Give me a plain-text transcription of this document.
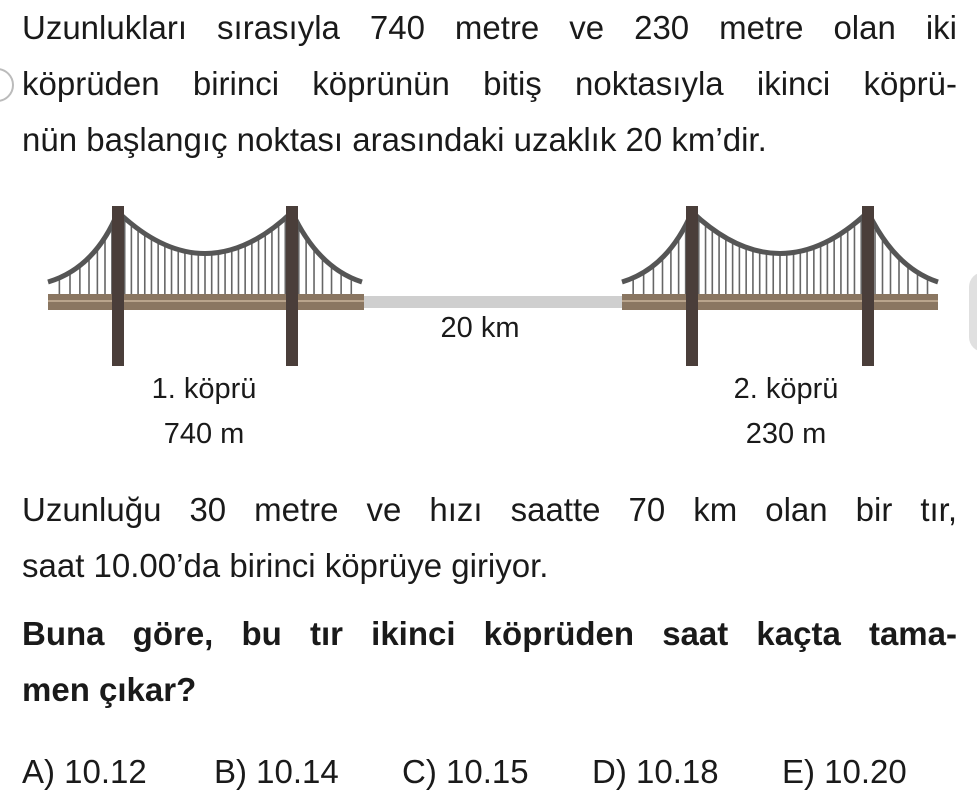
Uzunlukları sırasıyla 740 metre ve 230 metre olan iki
köprüden birinci köprünün bitiş noktasıyla ikinci köprü-
nün başlangıç noktası arasındaki uzaklık 20 km’dir.

20 km
1. köprü
740 m
2. köprü
230 m

Uzunluğu 30 metre ve hızı saatte 70 km olan bir tır,
saat 10.00’da birinci köprüye giriyor.

Buna göre, bu tır ikinci köprüden saat kaçta tama-
men çıkar?

A) 10.12 B) 10.14 C) 10.15 D) 10.18 E) 10.20
